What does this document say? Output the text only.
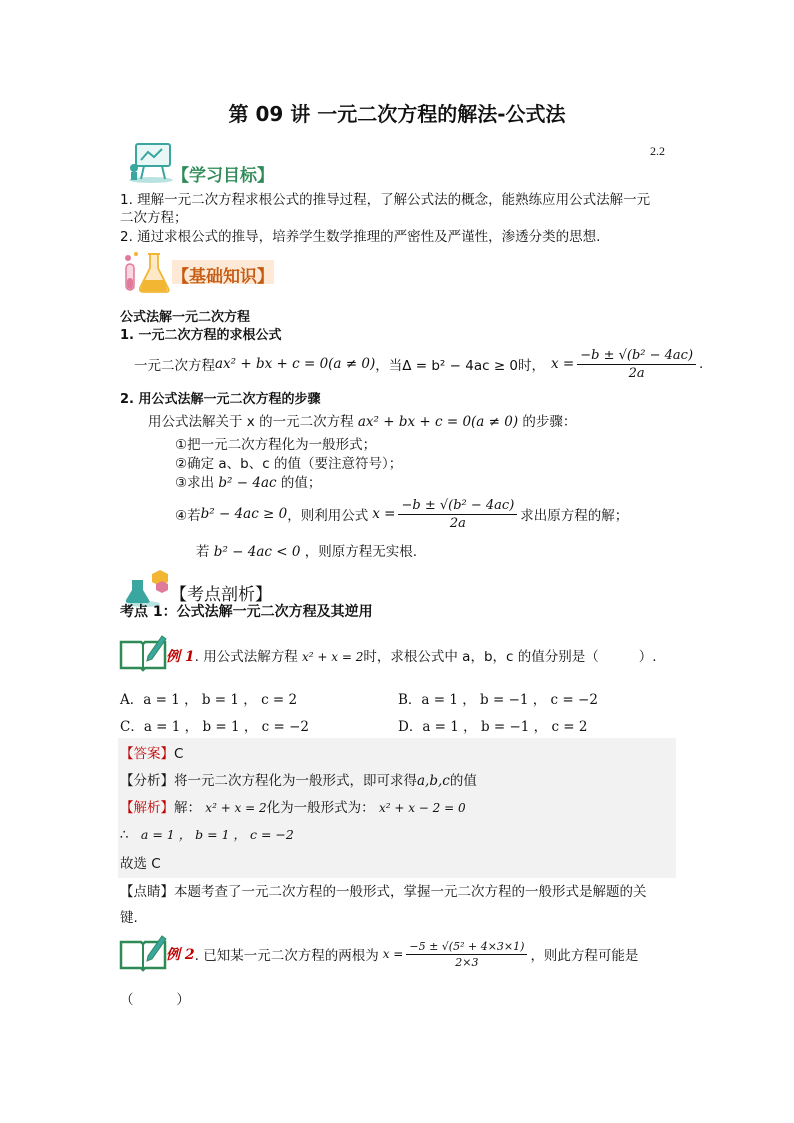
第 09 讲 一元二次方程的解法-公式法
2.2
【学习目标】
1. 理解一元二次方程求根公式的推导过程，了解公式法的概念，能熟练应用公式法解一元
二次方程；
2. 通过求根公式的推导，培养学生数学推理的严密性及严谨性，渗透分类的思想.
【基础知识】
公式法解一元二次方程
1. 一元二次方程的求根公式
一元二次方程 ax² + bx + c = 0(a ≠ 0) ，当Δ = b² − 4ac ≥ 0时， $x = \frac{\text{−b ± √(b² − 4ac)}}{2a}$ .
2. 用公式法解一元二次方程的步骤
用公式法解关于 x 的一元二次方程 ax² + bx + c = 0(a ≠ 0) 的步骤：
①把一元二次方程化为一般形式；
②确定 a、b、c 的值（要注意符号）；
③求出 b² − 4ac 的值；
④若 b² − 4ac ≥ 0 ，则利用公式 $x = \frac{\text{−b ± √(b² − 4ac)}}{2a}$ 求出原方程的解；
若 b² − 4ac < 0 ，则原方程无实根.
【考点剖析】
考点 1：公式法解一元二次方程及其逆用
例 1. 用公式法解方程 x² + x = 2时，求根公式中 a，b，c 的值分别是（	）.
A．a = 1 ， b = 1 ， c = 2	B．a = 1 ， b = −1 ， c = −2
C．a = 1 ， b = 1 ， c = −2	D．a = 1 ， b = −1 ， c = 2
【答案】C
【分析】将一元二次方程化为一般形式，即可求得a,b,c的值
【解析】解： x² + x = 2化为一般形式为： x² + x − 2 = 0
∴ a = 1 ， b = 1 ， c = −2
故选 C
【点睛】本题考查了一元二次方程的一般形式，掌握一元二次方程的一般形式是解题的关
键.
例 2 . 已知某一元二次方程的两根为 $x = \frac{\text{−5 ± √(5² + 4×3×1)}}{2\times 3}$ ，则此方程可能是
（          ）
